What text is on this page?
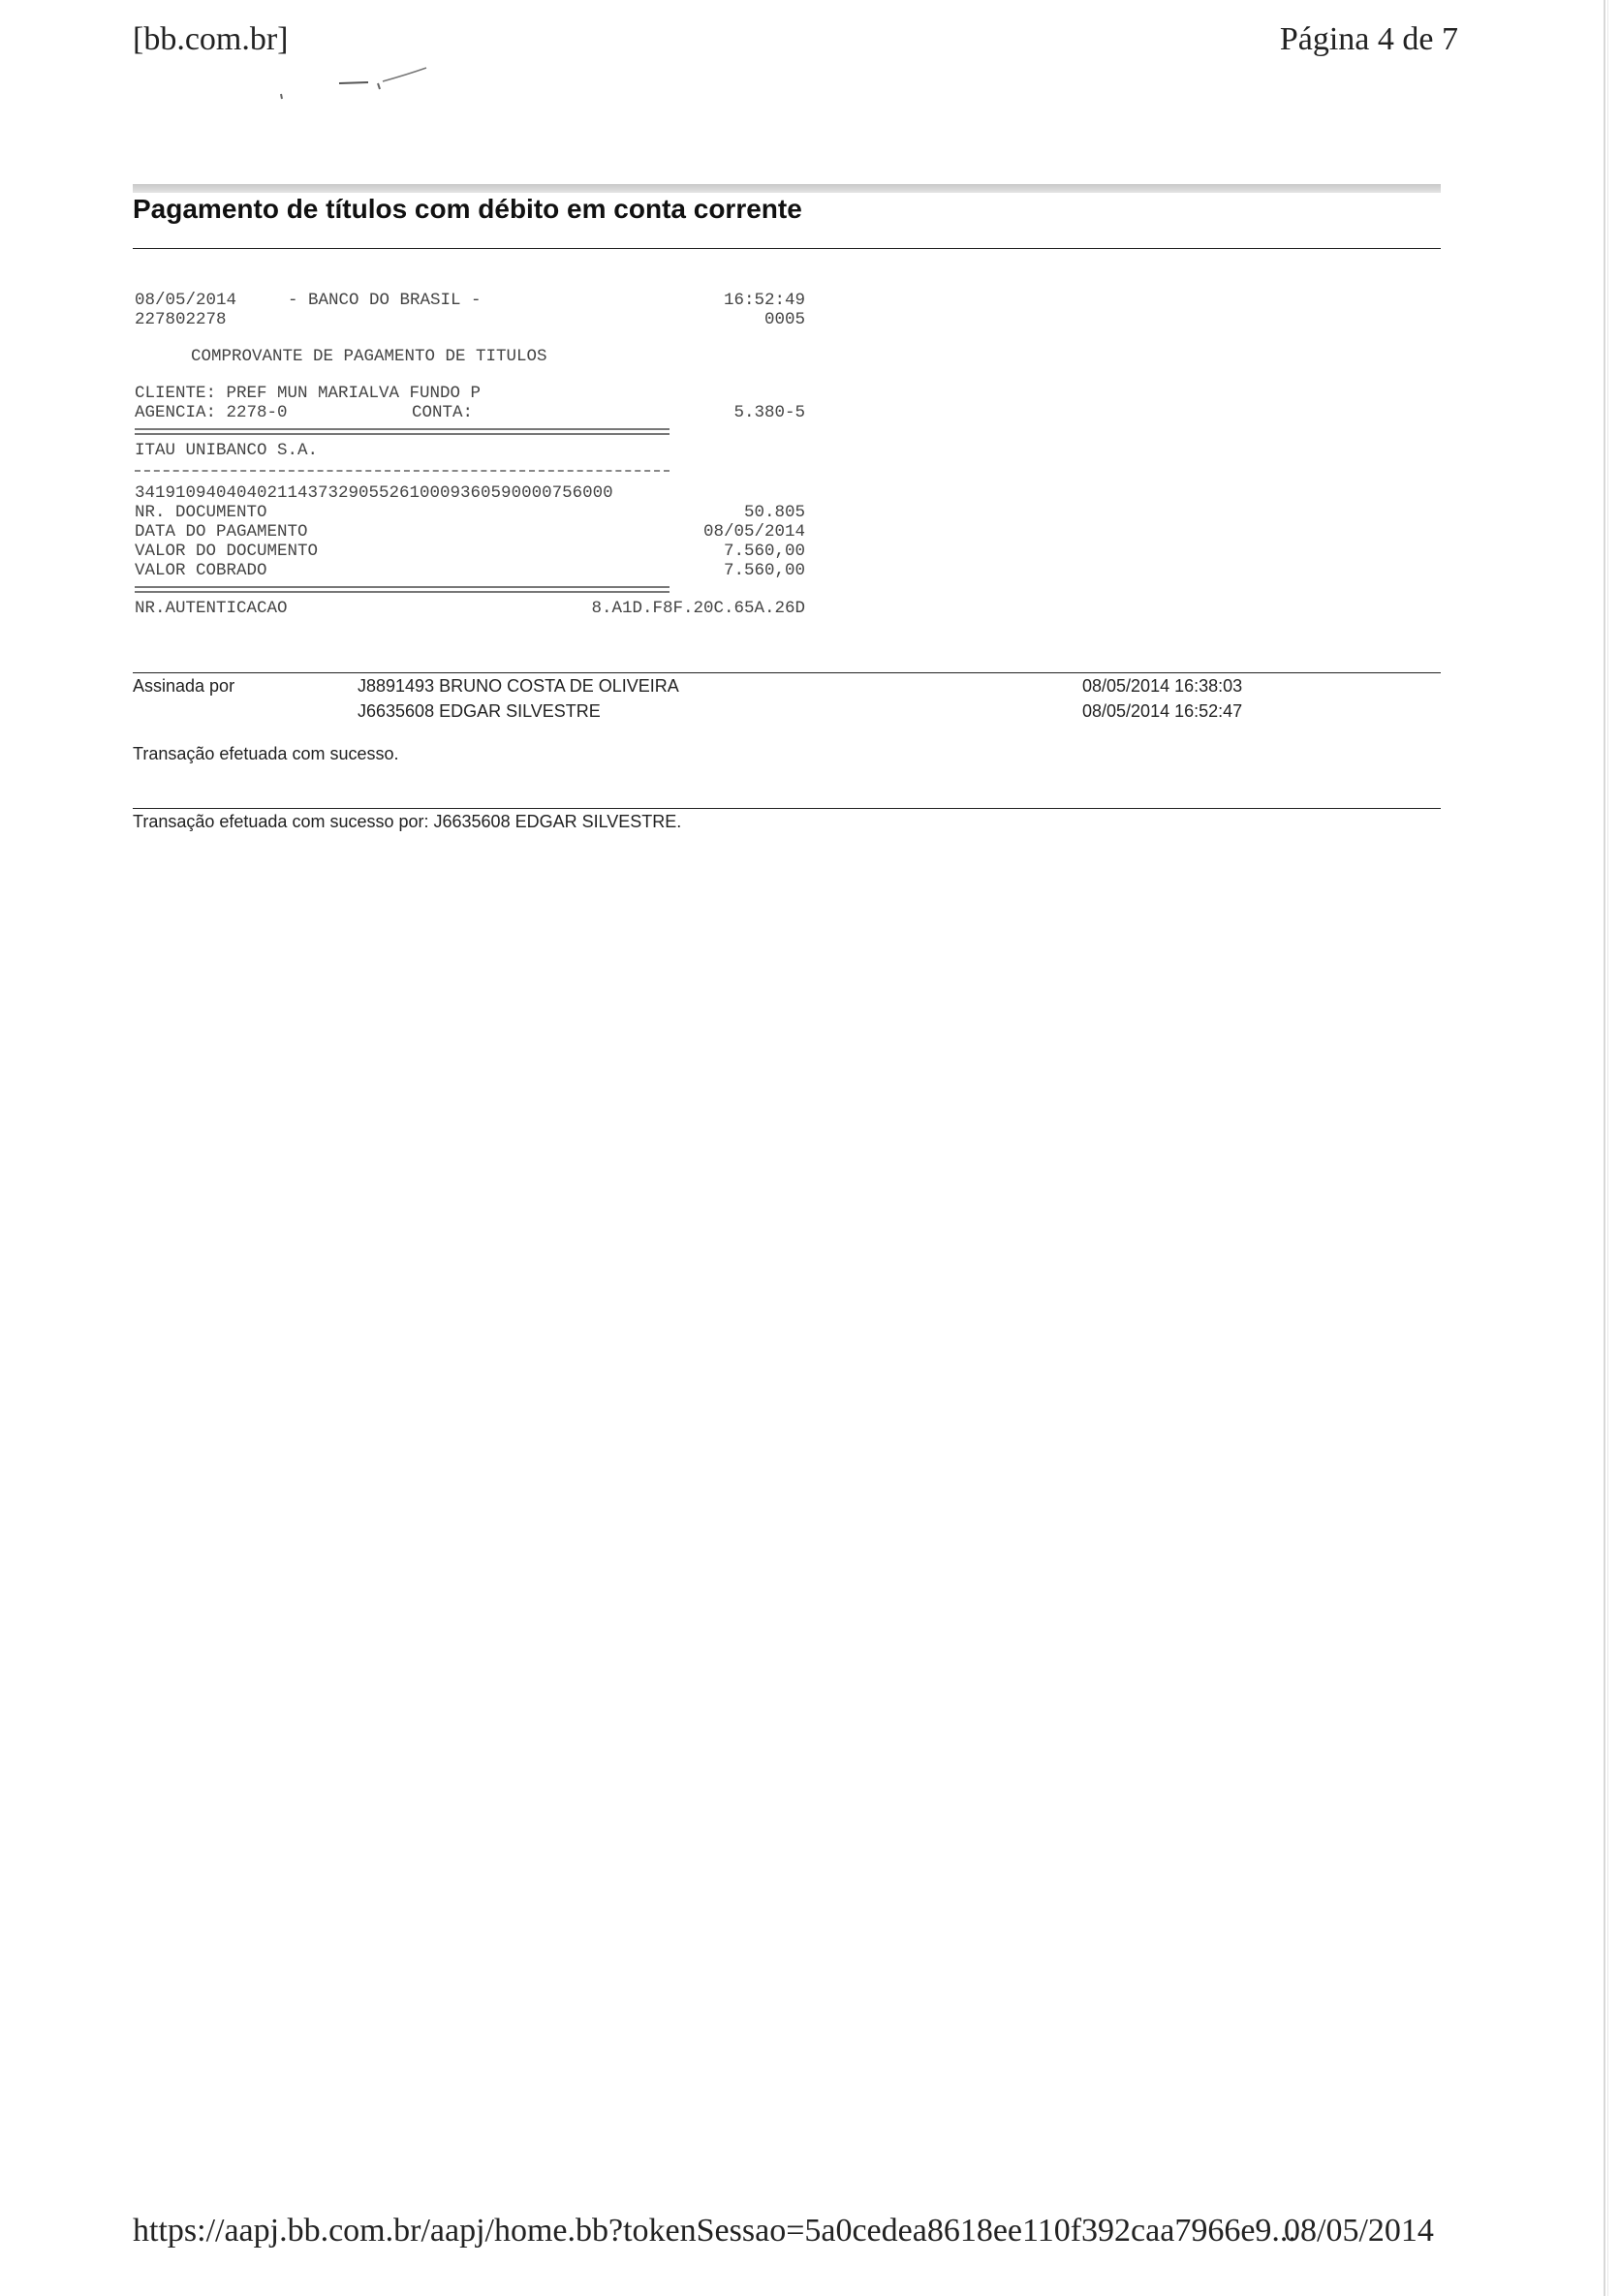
[bb.com.br]	Página 4 de 7
Pagamento de títulos com débito em conta corrente
08/05/2014	- BANCO DO BRASIL -	16:52:49
227802278	0005
COMPROVANTE DE PAGAMENTO DE TITULOS
CLIENTE: PREF MUN MARIALVA FUNDO P
AGENCIA: 2278-0	CONTA:	5.380-5
ITAU UNIBANCO S.A.
34191094040402114373290552610009360590000756000
NR. DOCUMENTO	50.805
DATA DO PAGAMENTO	08/05/2014
VALOR DO DOCUMENTO	7.560,00
VALOR COBRADO	7.560,00
NR.AUTENTICACAO	8.A1D.F8F.20C.65A.26D
Assinada por	J8891493 BRUNO COSTA DE OLIVEIRA	08/05/2014 16:38:03
J6635608 EDGAR SILVESTRE	08/05/2014 16:52:47
Transação efetuada com sucesso.
Transação efetuada com sucesso por: J6635608 EDGAR SILVESTRE.
https://aapj.bb.com.br/aapj/home.bb?tokenSessao=5a0cedea8618ee110f392caa7966e9...
08/05/2014
